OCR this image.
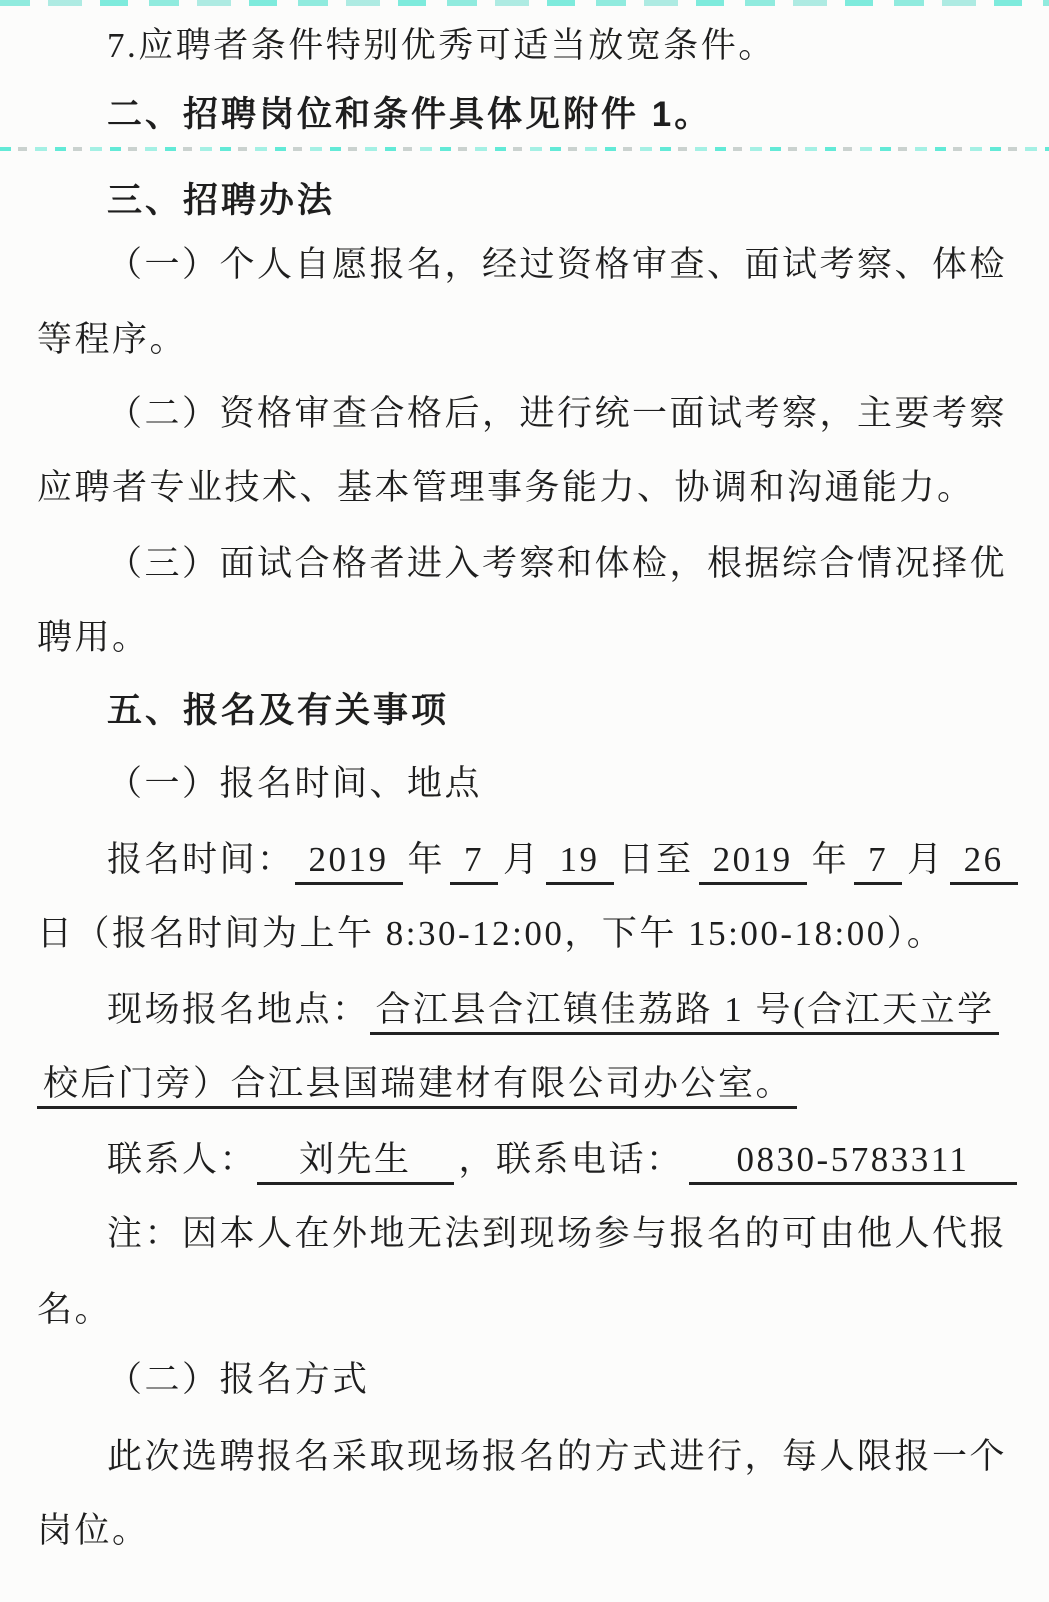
7.应聘者条件特别优秀可适当放宽条件。
二、招聘岗位和条件具体见附件 1。
三、招聘办法
（一）个人自愿报名，经过资格审查、面试考察、体检
等程序。
（二）资格审查合格后，进行统一面试考察，主要考察
应聘者专业技术、基本管理事务能力、协调和沟通能力。
（三）面试合格者进入考察和体检，根据综合情况择优
聘用。
五、报名及有关事项
（一）报名时间、地点
报名时间： 2019 年 7 月 19 日至 2019 年 7 月 26
日（报名时间为上午 8:30-12:00，下午 15:00-18:00）。
现场报名地点： 合江县合江镇佳荔路 1 号(合江天立学
校后门旁）合江县国瑞建材有限公司办公室。
联系人： 刘先生 ，联系电话： 0830-5783311
注：因本人在外地无法到现场参与报名的可由他人代报
名。
（二）报名方式
此次选聘报名采取现场报名的方式进行，每人限报一个
岗位。
